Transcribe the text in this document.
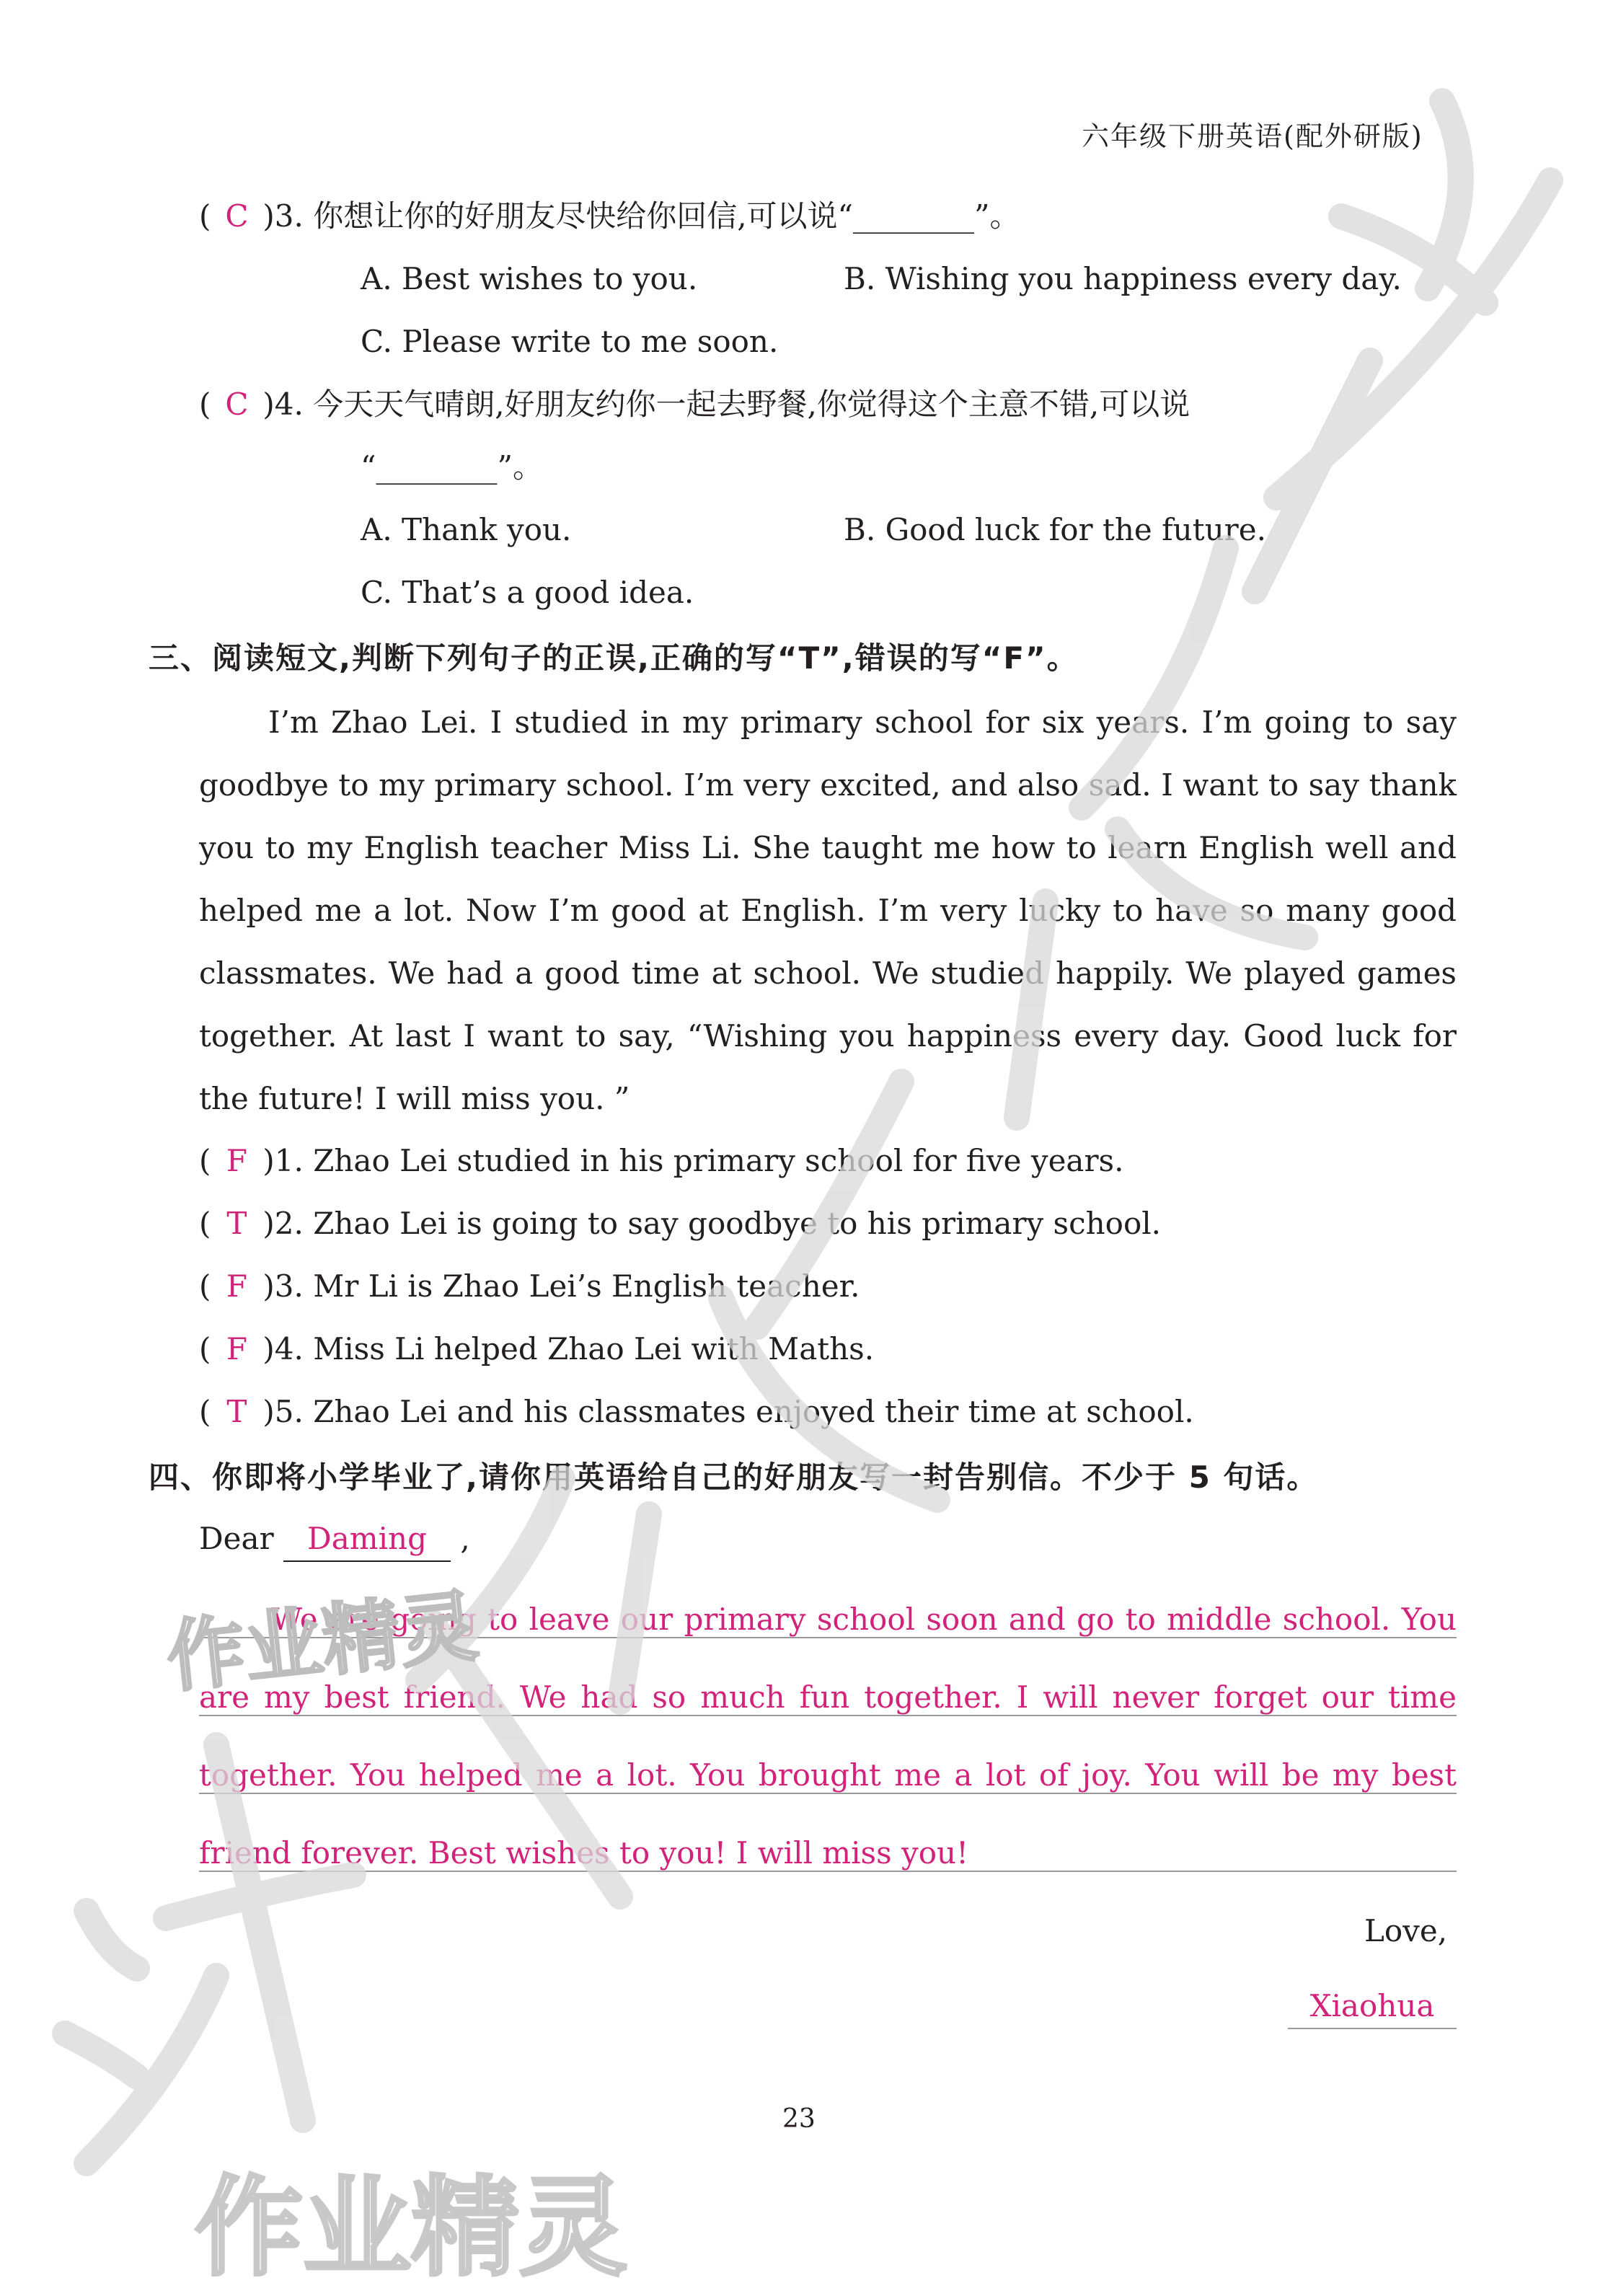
六年级下册英语(配外研版)
( C )3. 你想让你的好朋友尽快给你回信,可以说“________”。
A. Best wishes to you.	B. Wishing you happiness every day.
C. Please write to me soon.
( C )4. 今天天气晴朗,好朋友约你一起去野餐,你觉得这个主意不错,可以说
“________”。
A. Thank you.	B. Good luck for the future.
C. That’s a good idea.
三、阅读短文,判断下列句子的正误,正确的写“T”,错误的写“F”。
I’m Zhao Lei. I studied in my primary school for six years. I’m going to say goodbye to my primary school. I’m very excited, and also sad. I want to say thank you to my English teacher Miss Li. She taught me how to learn English well and helped me a lot. Now I’m good at English. I’m very lucky to have so many good classmates. We had a good time at school. We studied happily. We played games together. At last I want to say, “Wishing you happiness every day. Good luck for the future! I will miss you. ”
( F )1. Zhao Lei studied in his primary school for five years.
( T )2. Zhao Lei is going to say goodbye to his primary school.
( F )3. Mr Li is Zhao Lei’s English teacher.
( F )4. Miss Li helped Zhao Lei with Maths.
( T )5. Zhao Lei and his classmates enjoyed their time at school.
四、你即将小学毕业了,请你用英语给自己的好朋友写一封告别信。不少于 5 句话。
Dear Daming ,
We are going to leave our primary school soon and go to middle school. You are my best friend. We had so much fun together. I will never forget our time together. You helped me a lot. You brought me a lot of joy. You will be my best friend forever. Best wishes to you! I will miss you!
Love,
Xiaohua
23
作业精灵
作业精灵
